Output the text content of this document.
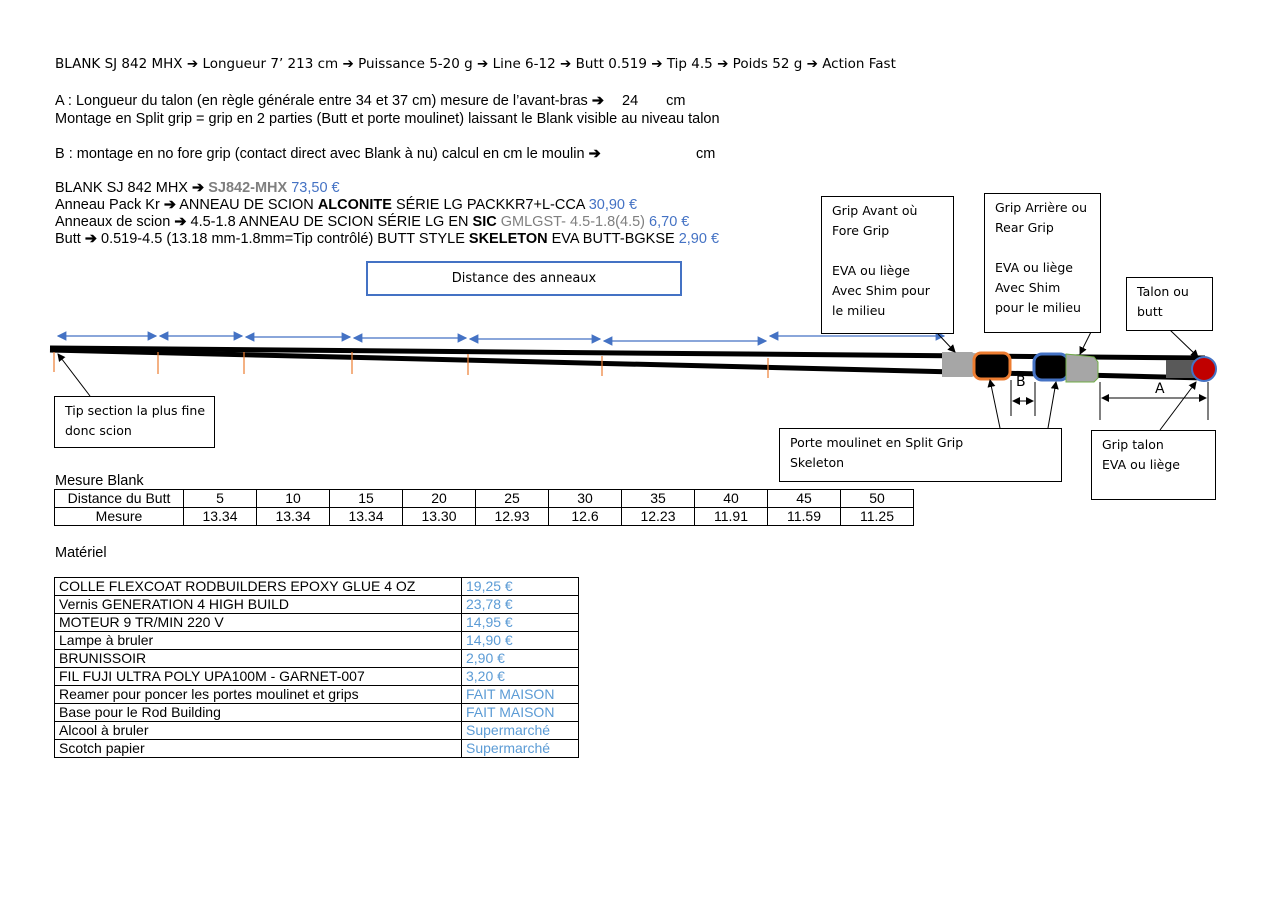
BLANK SJ 842 MHX ➔ Longueur 7’ 213 cm ➔ Puissance 5-20 g ➔ Line 6-12 ➔ Butt 0.519 ➔ Tip 4.5 ➔ Poids 52 g ➔ Action Fast
A : Longueur du talon (en règle générale entre 34 et 37 cm) mesure de l’avant-bras ➔ 24 cm
Montage en Split grip = grip en 2 parties (Butt et porte moulinet) laissant le Blank visible au niveau talon
B : montage en no fore grip (contact direct avec Blank à nu) calcul en cm le moulin ➔	cm
BLANK SJ 842 MHX ➔ SJ842-MHX 73,50 €
Anneau Pack Kr ➔ ANNEAU DE SCION ALCONITE SÉRIE LG PACKKR7+L-CCA 30,90 €
Anneaux de scion ➔ 4.5-1.8 ANNEAU DE SCION SÉRIE LG EN SIC GMLGST- 4.5-1.8(4.5) 6,70 €
Butt ➔ 0.519-4.5 (13.18 mm-1.8mm=Tip contrôlé) BUTT STYLE SKELETON EVA BUTT-BGKSE 2,90 €
B	A
Distance des anneaux
Tip section la plus fine
donc scion
Grip Avant où
Fore Grip
EVA ou liège
Avec Shim pour
le milieu
Grip Arrière ou
Rear Grip
EVA ou liège
Avec Shim
pour le milieu
Talon ou
butt
Porte moulinet en Split Grip
Skeleton
Grip talon
EVA ou liège
Mesure Blank
Distance du Butt	5	10	15	20	25	30	35	40	45	50
Mesure	13.34	13.34	13.34	13.30	12.93	12.6	12.23	11.91	11.59	11.25
Matériel
COLLE FLEXCOAT RODBUILDERS EPOXY GLUE 4 OZ	19,25 €
Vernis GENERATION 4 HIGH BUILD	23,78 €
MOTEUR 9 TR/MIN 220 V	14,95 €
Lampe à bruler	14,90 €
BRUNISSOIR	2,90 €
FIL FUJI ULTRA POLY UPA100M - GARNET-007	3,20 €
Reamer pour poncer les portes moulinet et grips	FAIT MAISON
Base pour le Rod Building	FAIT MAISON
Alcool à bruler	Supermarché
Scotch papier	Supermarché
